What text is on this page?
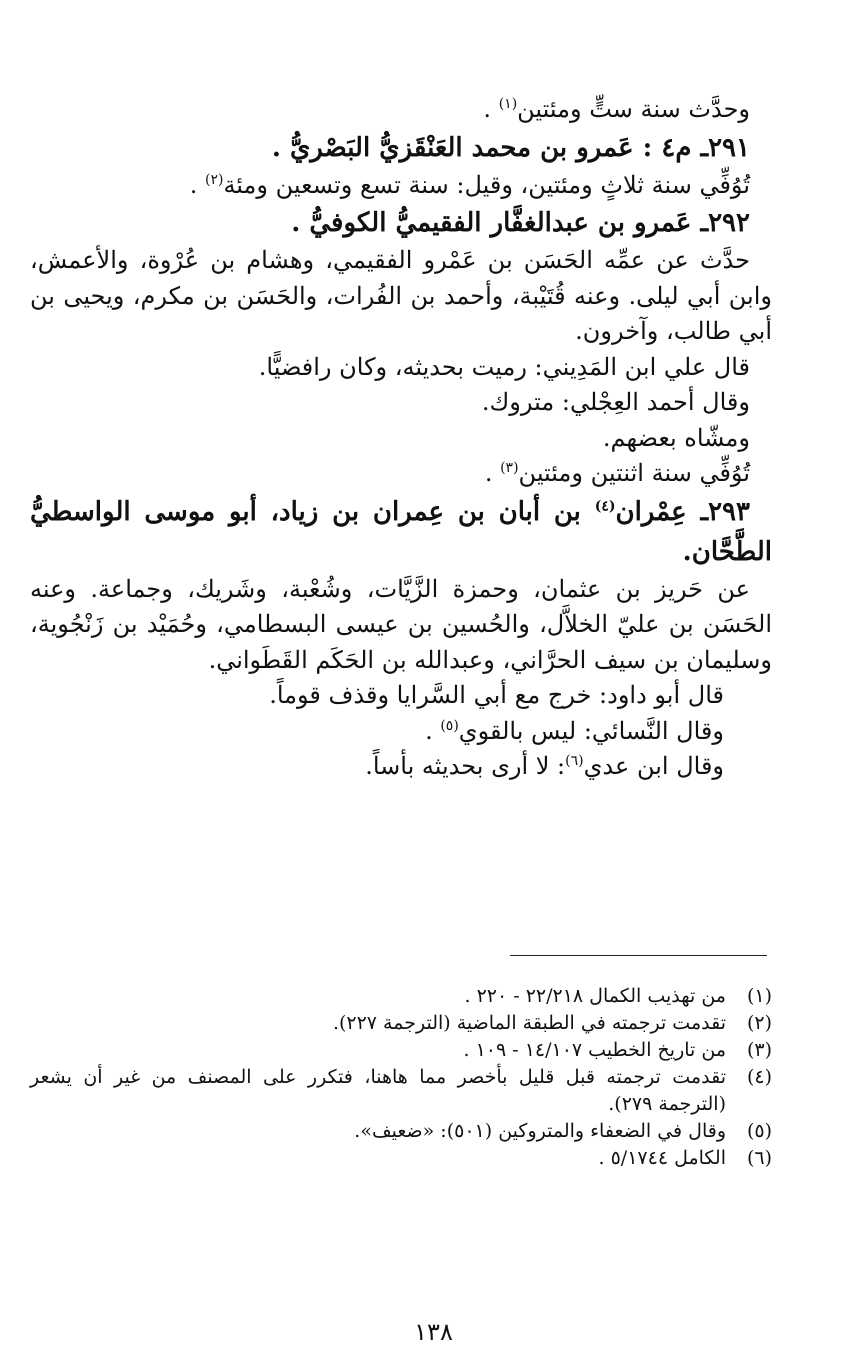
وحدَّث سنة ستٍّ ومئتين$^{(١)}$ .
٢٩١ـ م٤ : عَمرو بن محمد العَنْقَزيُّ البَصْريُّ .
تُوُفِّي سنة ثلاثٍ ومئتين، وقيل: سنة تسع وتسعين ومئة$^{(٢)}$ .
٢٩٢ـ عَمرو بن عبدالغفَّار الفقيميُّ الكوفيُّ .
حدَّث عن عمِّه الحَسَن بن عَمْرو الفقيمي، وهشام بن عُرْوة، والأعمش،
وابن أبي ليلى. وعنه قُتَيْبة، وأحمد بن الفُرات، والحَسَن بن مكرم، ويحيى بن
أبي طالب، وآخرون.
قال علي ابن المَدِيني: رميت بحديثه، وكان رافضيًّا.
وقال أحمد العِجْلي: متروك.
ومشّاه بعضهم.
تُوُفِّي سنة اثنتين ومئتين$^{(٣)}$ .
٢٩٣ـ عِمْران$^{(٤)}$ بن أبان بن عِمران بن زياد، أبو موسى الواسطيُّ
الطَّحَّان.
عن حَريز بن عثمان، وحمزة الزَّيَّات، وشُعْبة، وشَريك، وجماعة. وعنه
الحَسَن بن عليّ الخلاَّل، والحُسين بن عيسى البسطامي، وحُمَيْد بن زَنْجُوية،
وسليمان بن سيف الحرَّاني، وعبدالله بن الحَكَم القَطَواني.
قال أبو داود: خرج مع أبي السَّرايا وقذف قوماً.
وقال النَّسائي: ليس بالقوي$^{(٥)}$ .
وقال ابن عدي$^{(٦)}$: لا أرى بحديثه بأساً.
(١)
من تهذيب الكمال ٢٢/٢١٨ - ٢٢٠ .
(٢)
تقدمت ترجمته في الطبقة الماضية (الترجمة ٢٢٧).
(٣)
من تاريخ الخطيب ١٤/١٠٧ - ١٠٩ .
(٤)
تقدمت ترجمته قبل قليل بأخصر مما هاهنا، فتكرر على المصنف من غير أن يشعر
(الترجمة ٢٧٩).
(٥)
وقال في الضعفاء والمتروكين (٥٠١): «ضعيف».
(٦)
الكامل ٥/١٧٤٤ .
١٣٨
